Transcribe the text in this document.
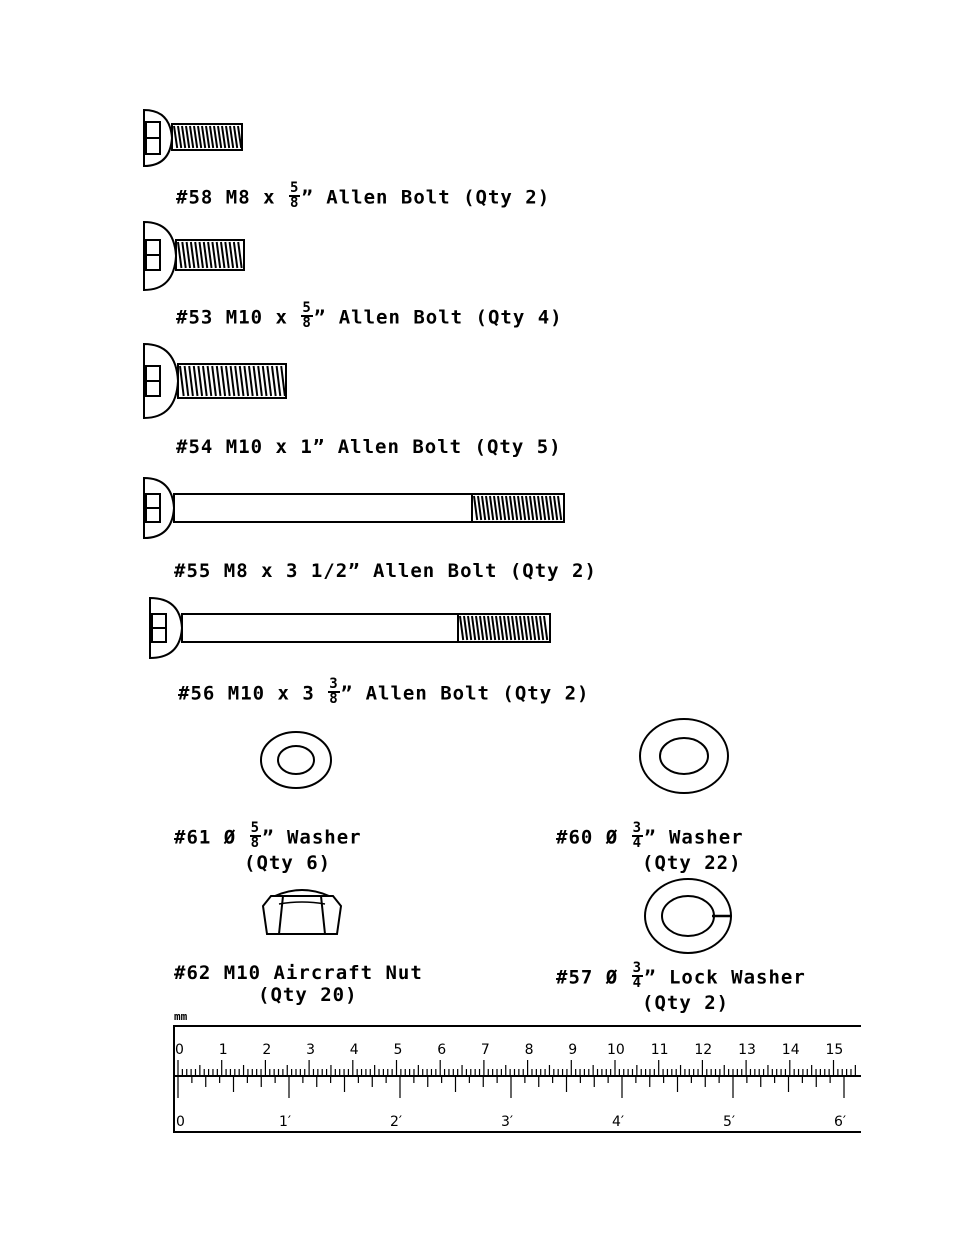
#58 M8 x $\frac{5}{8}$ ” Allen Bolt (Qty 2)
#53 M10 x $\frac{5}{8}$ ” Allen Bolt (Qty 4)
#54 M10 x 1” Allen Bolt (Qty 5)
#55 M8 x 3 1/2” Allen Bolt (Qty 2)
#56 M10 x $3 \frac{3}{8}$ ” Allen Bolt (Qty 2)
#61 Ø $\frac{5}{8}$ ” Washer
(Qty 6)
#60 Ø $\frac{3}{4}$ ” Washer
(Qty 22)
#62 M10 Aircraft Nut
(Qty 20)
#57 Ø $\frac{3}{4}$ ” Lock Washer
(Qty 2)
mm
0 1 2 3 4 5 6 7 8 9 10 11 12 13 14 15
0	1′	2′	3′	4′	5′	6′
